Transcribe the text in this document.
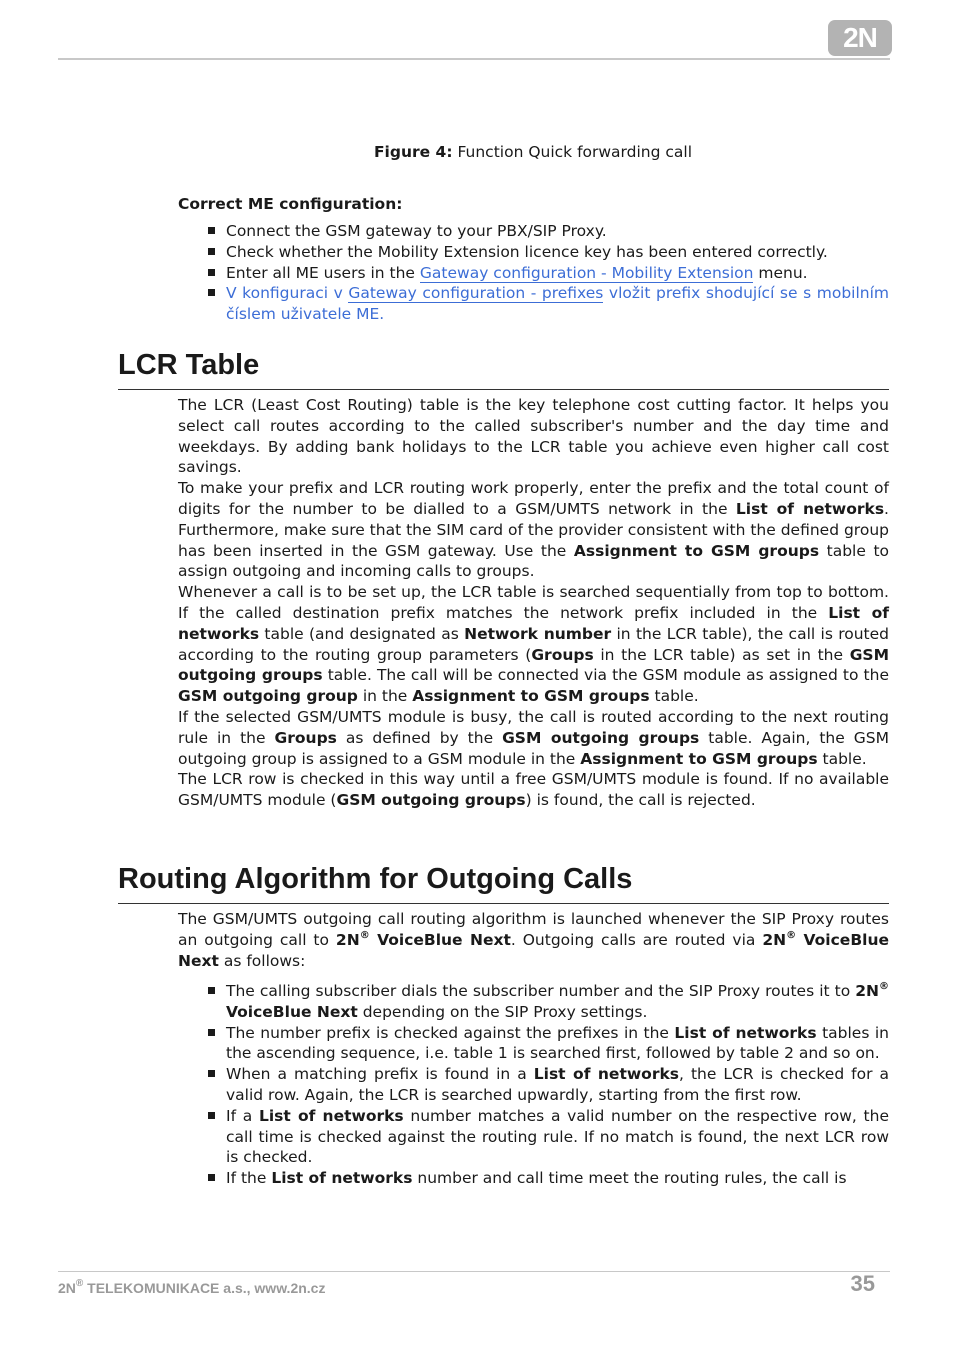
2N
Figure 4: Function Quick forwarding call
Correct ME configuration:
Connect the GSM gateway to your PBX/SIP Proxy.
Check whether the Mobility Extension licence key has been entered correctly.
Enter all ME users in the Gateway configuration - Mobility Extension menu.
V konfiguraci v Gateway configuration - prefixes vložit prefix shodující se s mobilním číslem uživatele ME.
LCR Table
The LCR (Least Cost Routing) table is the key telephone cost cutting factor. It helps you select call routes according to the called subscriber's number and the day time and weekdays. By adding bank holidays to the LCR table you achieve even higher call cost savings.
To make your prefix and LCR routing work properly, enter the prefix and the total count of digits for the number to be dialled to a GSM/UMTS network in the List of networks. Furthermore, make sure that the SIM card of the provider consistent with the defined group has been inserted in the GSM gateway. Use the Assignment to GSM groups table to assign outgoing and incoming calls to groups.
Whenever a call is to be set up, the LCR table is searched sequentially from top to bottom. If the called destination prefix matches the network prefix included in the List of networks table (and designated as Network number in the LCR table), the call is routed according to the routing group parameters (Groups in the LCR table) as set in the GSM outgoing groups table. The call will be connected via the GSM module as assigned to the GSM outgoing group in the Assignment to GSM groups table.
If the selected GSM/UMTS module is busy, the call is routed according to the next routing rule in the Groups as defined by the GSM outgoing groups table. Again, the GSM outgoing group is assigned to a GSM module in the Assignment to GSM groups table.
The LCR row is checked in this way until a free GSM/UMTS module is found. If no available GSM/UMTS module (GSM outgoing groups) is found, the call is rejected.
Routing Algorithm for Outgoing Calls
The GSM/UMTS outgoing call routing algorithm is launched whenever the SIP Proxy routes an outgoing call to 2N® VoiceBlue Next. Outgoing calls are routed via 2N® VoiceBlue Next as follows:
The calling subscriber dials the subscriber number and the SIP Proxy routes it to 2N® VoiceBlue Next depending on the SIP Proxy settings.
The number prefix is checked against the prefixes in the List of networks tables in the ascending sequence, i.e. table 1 is searched first, followed by table 2 and so on.
When a matching prefix is found in a List of networks, the LCR is checked for a valid row. Again, the LCR is searched upwardly, starting from the first row.
If a List of networks number matches a valid number on the respective row, the call time is checked against the routing rule. If no match is found, the next LCR row is checked.
If the List of networks number and call time meet the routing rules, the call is
2N® TELEKOMUNIKACE a.s., www.2n.cz	35
